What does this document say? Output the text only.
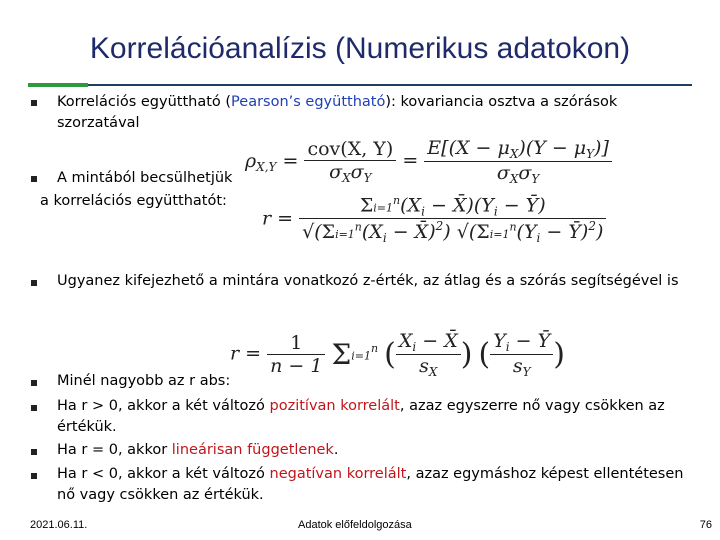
Korrelációanalízis (Numerikus adatokon)
Korrelációs együttható (Pearson’s együttható): kovariancia osztva a szórások
szorzatával
$\rho_{X,Y} = \frac{\text{cov(X, Y)}}{\sigma_X\sigma_Y} = \frac{E[(X - \mu_X)(Y - \mu_Y)]}{\sigma_X\sigma_Y}$
A mintából becsülhetjük
a korrelációs együtthatót:
$r = \frac{\Sigma i=1^n(X_i - X̄)(Y_i - Ȳ)}{√(\Sigma i=1^n(X_i - X̄)^2) √(\Sigma i=1^n(Y_i - Ȳ)^2)}$
Ugyanez kifejezhető a mintára vonatkozó z-érték, az átlag és a szórás segítségével is
$r = \frac{1}{n - 1} \Sigma i=1^n$ ( $\frac{X_i - X̄}{s_X}$ ) ( $\frac{Y_i - Ȳ}{s_Y}$ )
Minél nagyobb az r abs:
Ha r > 0, akkor a két változó pozitívan korrelált, azaz egyszerre nő vagy csökken az
értékük.
Ha r = 0, akkor lineárisan függetlenek.
Ha r < 0, akkor a két változó negatívan korrelált, azaz egymáshoz képest ellentétesen
nő vagy csökken az értékük.
2021.06.11.	Adatok előfeldolgozása	76
